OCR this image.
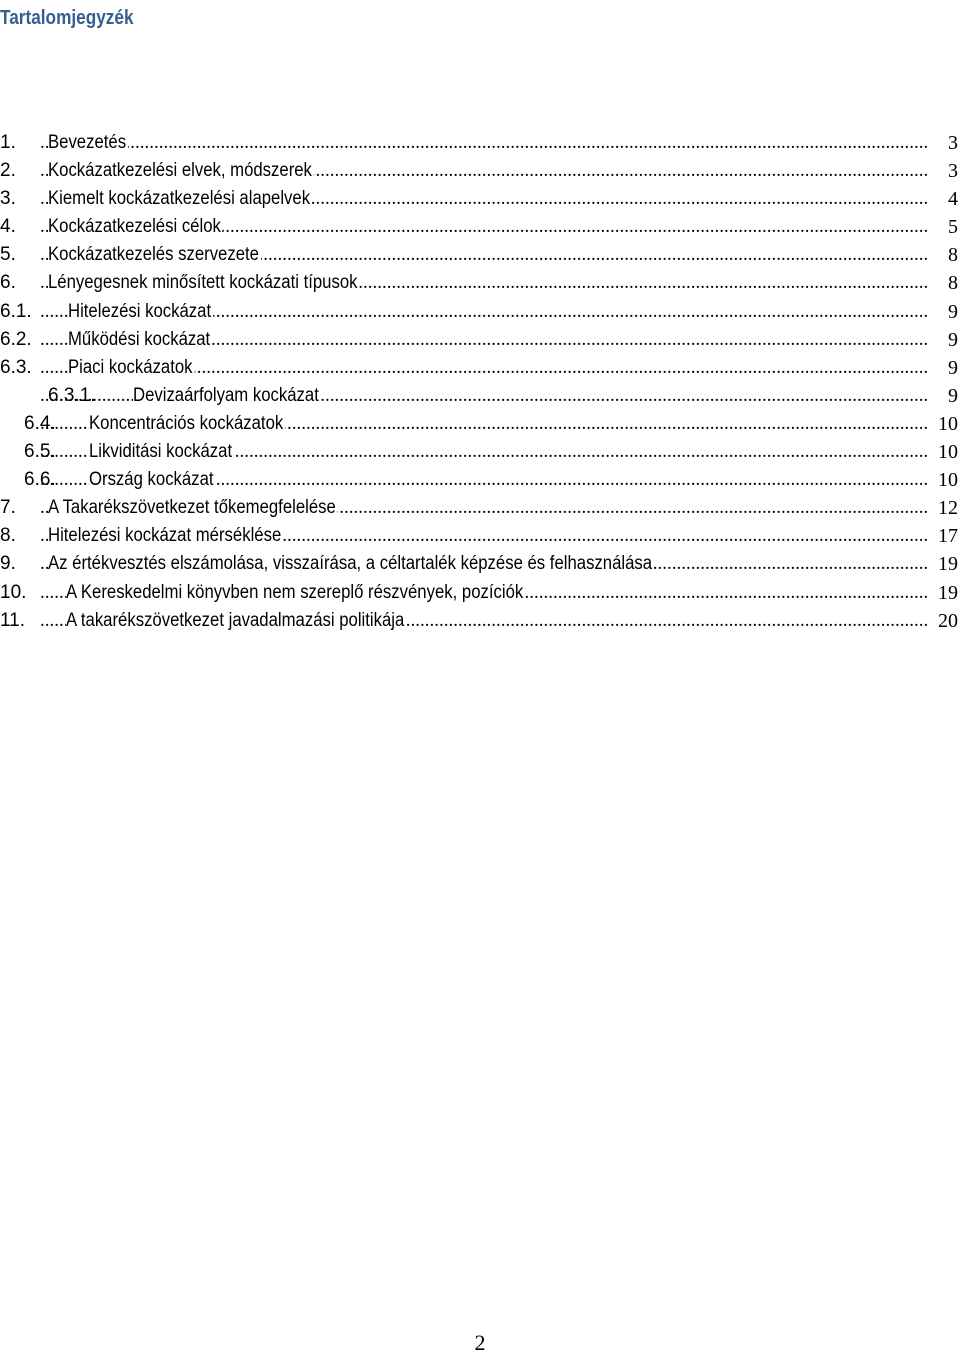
Tartalomjegyzék
1. Bevezetés .....	3
2. Kockázatkezelési elvek, módszerek .....	3
3. Kiemelt kockázatkezelési alapelvek .....	4
4. Kockázatkezelési célok .....	5
5. Kockázatkezelés szervezete .....	8
6. Lényegesnek minősített kockázati típusok .....	8
6.1. Hitelezési kockázat .....	9
6.2. Működési kockázat .....	9
6.3. Piaci kockázatok .....	9
6.3.1. Devizaárfolyam kockázat .....	9
6.4. Koncentrációs kockázatok .....	10
6.5. Likviditási kockázat .....	10
6.6. Ország kockázat .....	10
7. A Takarékszövetkezet tőkemegfelelése .....	12
8. Hitelezési kockázat mérséklése .....	17
9. Az értékvesztés elszámolása, visszaírása, a céltartalék képzése és felhasználása .....	19
10. A Kereskedelmi könyvben nem szereplő részvények, pozíciók .....	19
11. A takarékszövetkezet javadalmazási politikája .....	20
2
